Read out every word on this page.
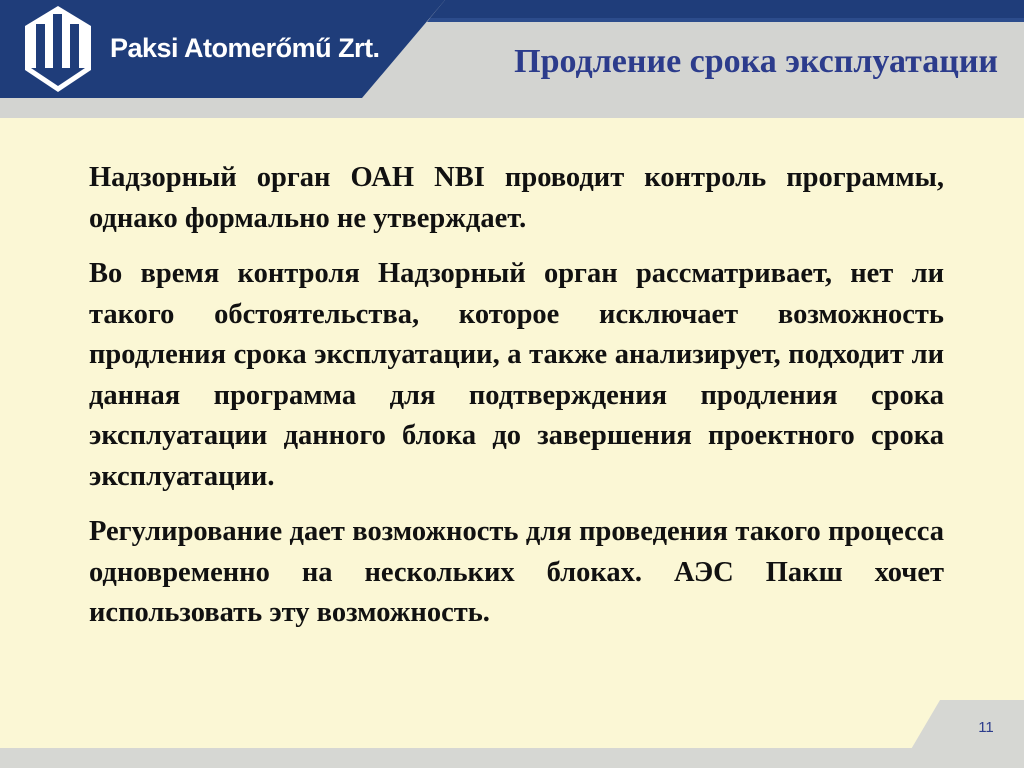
Paksi Atomerőmű Zrt.	Продление срока эксплуатации

Надзорный орган ОАН NBI проводит контроль программы, однако формально не утверждает.

Во время контроля Надзорный орган рассматривает, нет ли такого обстоятельства, которое исключает возможность продления срока эксплуатации, а также анализирует, подходит ли данная программа для подтверждения продления срока эксплуатации данного блока до завершения проектного срока эксплуатации.

Регулирование дает возможность для проведения такого процесса одновременно на нескольких блоках. АЭС Пакш хочет использовать эту возможность.

11
